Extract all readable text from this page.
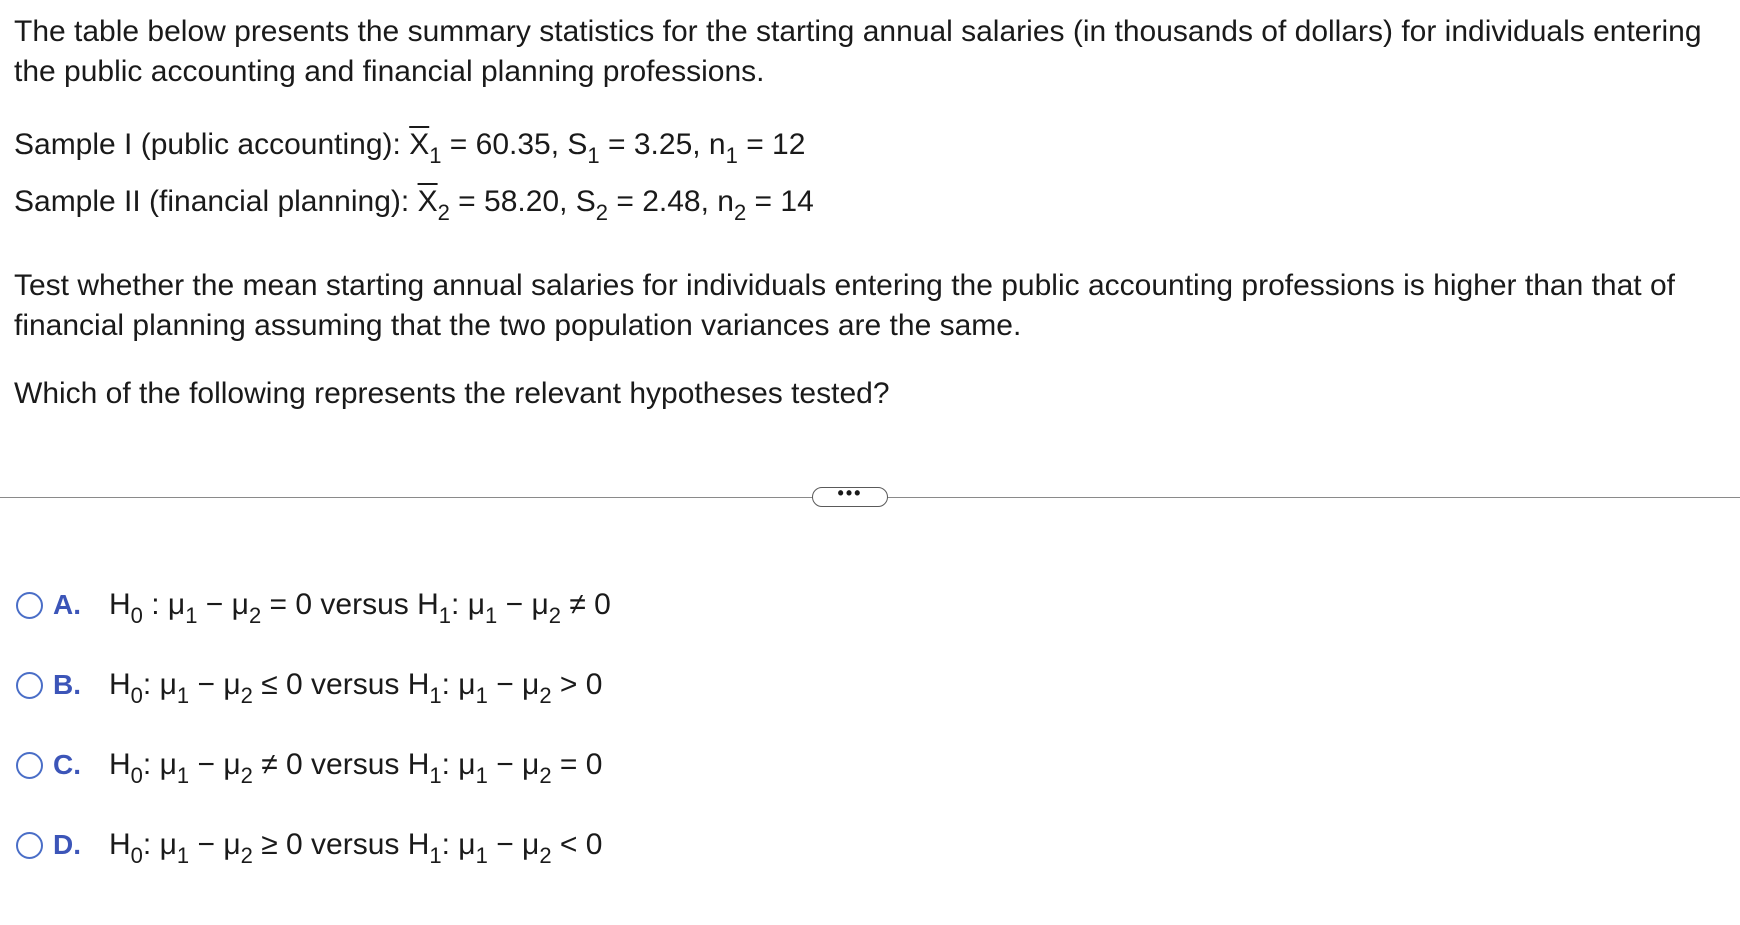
The table below presents the summary statistics for the starting annual salaries (in thousands of dollars) for individuals entering the public accounting and financial planning professions.

Sample I (public accounting): $\overline{X}_1 = 60.35$, $S_1 = 3.25$, $n_1 = 12$
Sample II (financial planning): $\overline{X}_2 = 58.20$, $S_2 = 2.48$, $n_2 = 14$

Test whether the mean starting annual salaries for individuals entering the public accounting professions is higher than that of financial planning assuming that the two population variances are the same.

Which of the following represents the relevant hypotheses tested?

•••
A. $H_0$ : $\mu_1 - \mu_2 = 0$ versus $H_1$: $\mu_1 - \mu_2 \ne 0$
B. $H_0$: $\mu_1 - \mu_2 \le 0$ versus $H_1$: $\mu_1 - \mu_2 > 0$
C. $H_0$: $\mu_1 - \mu_2 \ne 0$ versus $H_1$: $\mu_1 - \mu_2 = 0$
D. $H_0$: $\mu_1 - \mu_2 \ge 0$ versus $H_1$: $\mu_1 - \mu_2 < 0$
